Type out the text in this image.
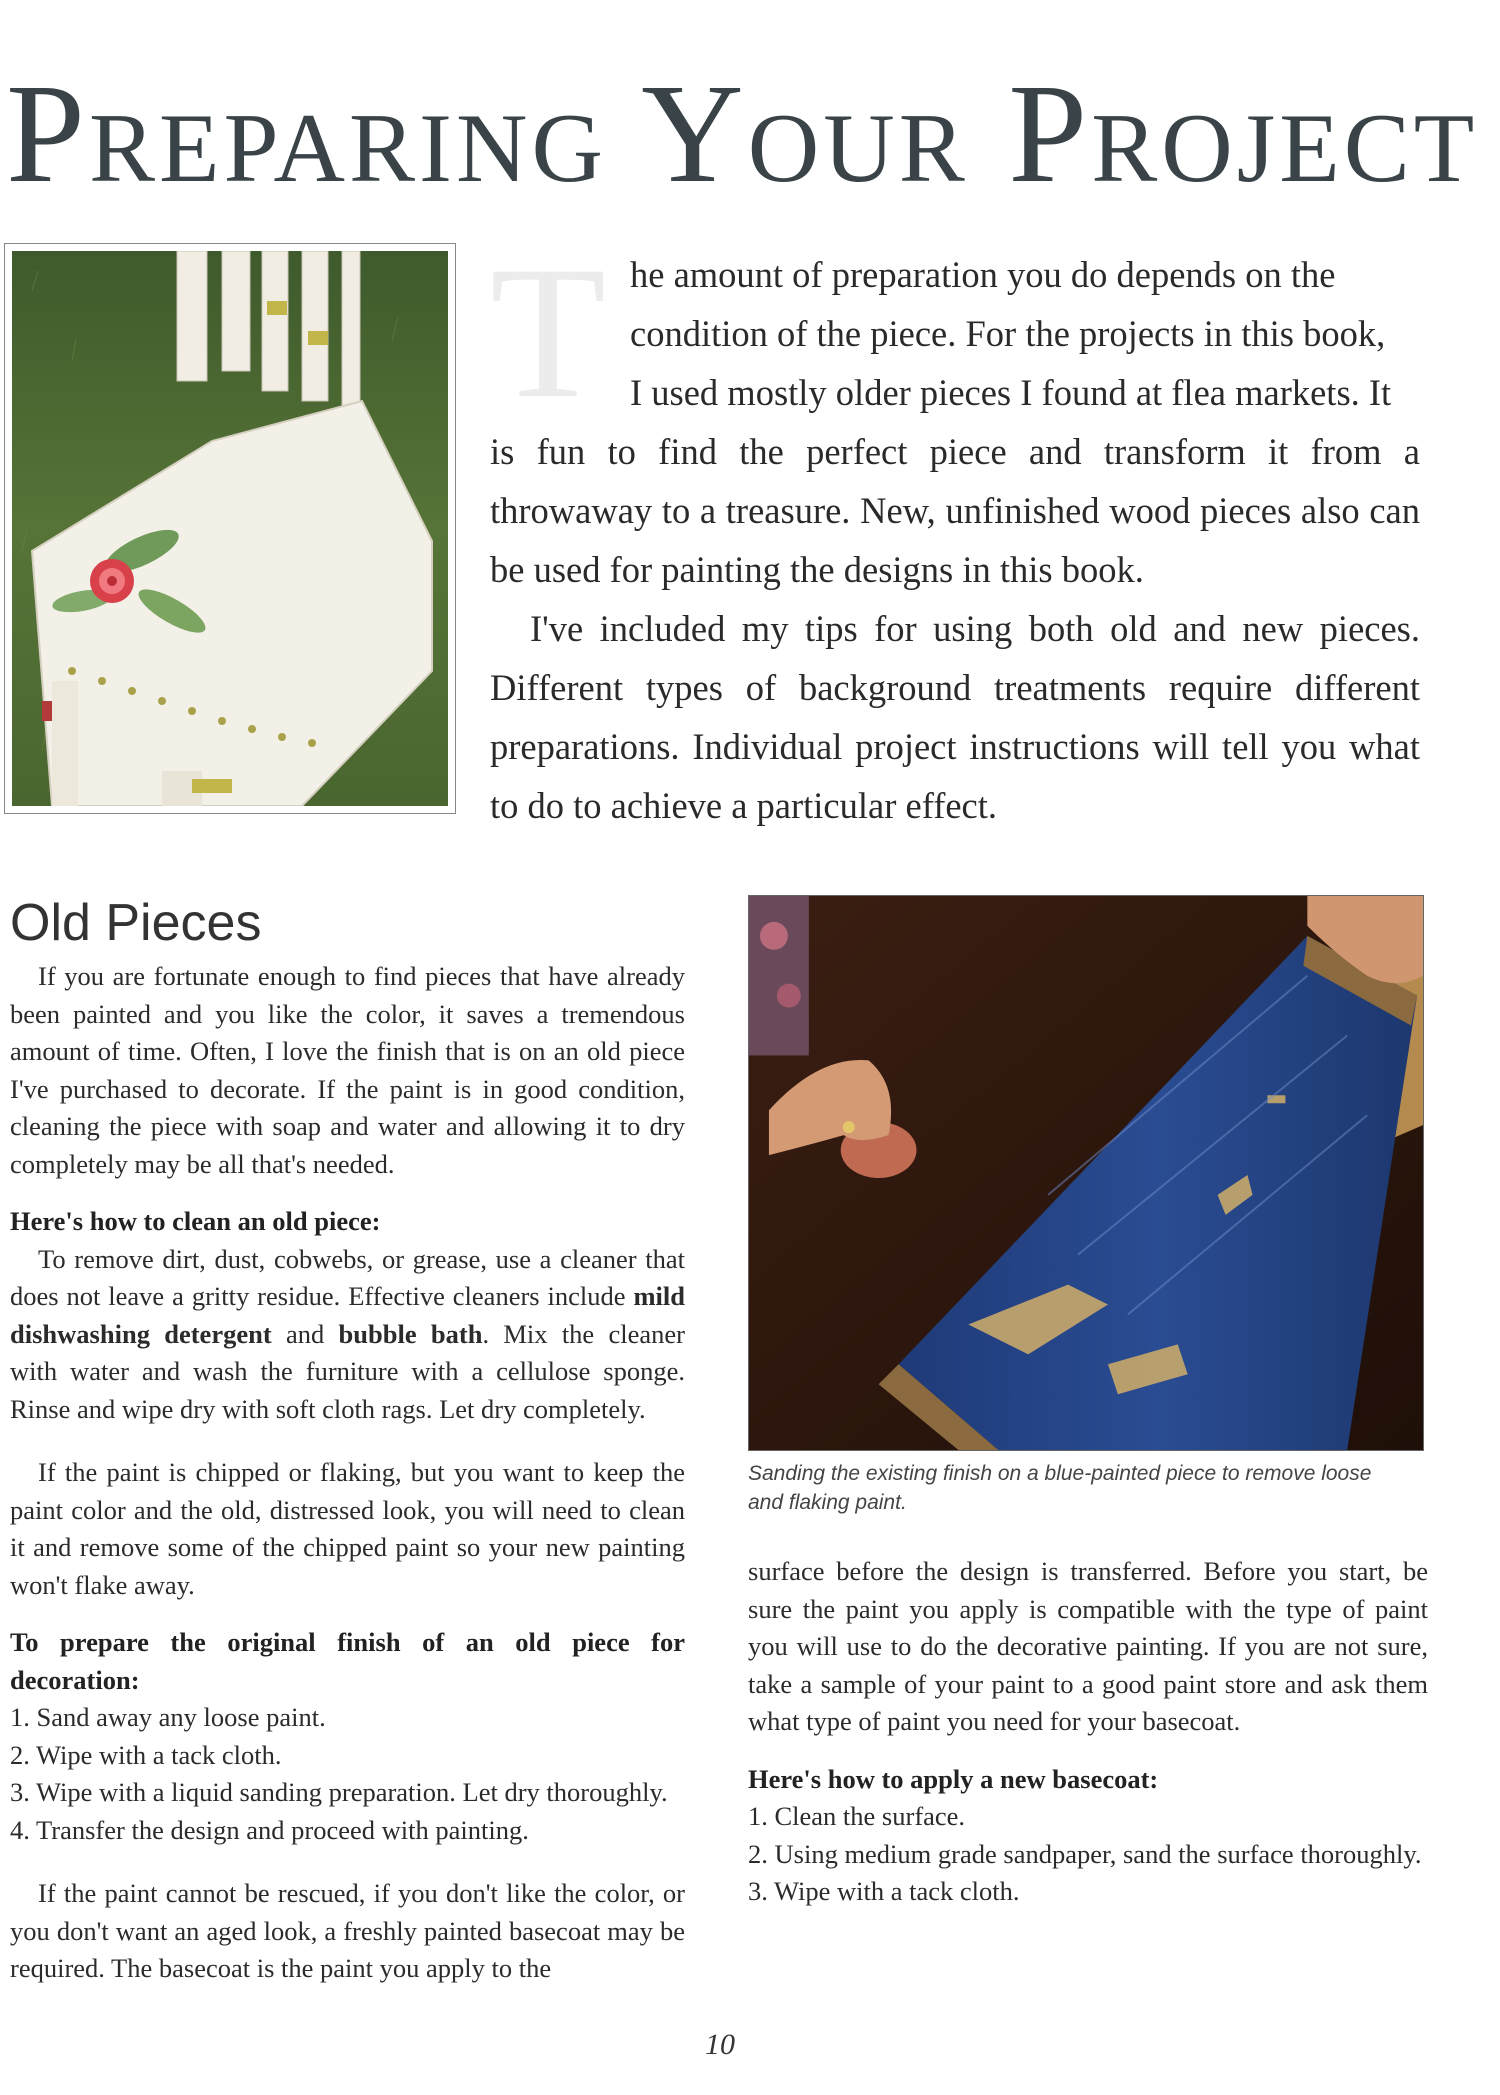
Preparing Your Project
T he amount of preparation you do depends on the
condition of the piece. For the projects in this book,
I used mostly older pieces I found at flea markets. It
is fun to find the perfect piece and transform it from a throwaway to a treasure. New, unfinished wood pieces also can be used for painting the designs in this book.

I've included my tips for using both old and new pieces. Different types of background treatments require different preparations. Individual project instructions will tell you what to do to achieve a particular effect.

Old Pieces

If you are fortunate enough to find pieces that have already been painted and you like the color, it saves a tremendous amount of time. Often, I love the finish that is on an old piece I've purchased to decorate. If the paint is in good condition, cleaning the piece with soap and water and allowing it to dry completely may be all that's needed.

Here's how to clean an old piece:

To remove dirt, dust, cobwebs, or grease, use a cleaner that does not leave a gritty residue. Effective cleaners include mild dishwashing detergent and bubble bath. Mix the cleaner with water and wash the furniture with a cellulose sponge. Rinse and wipe dry with soft cloth rags. Let dry completely.

If the paint is chipped or flaking, but you want to keep the paint color and the old, distressed look, you will need to clean it and remove some of the chipped paint so your new painting won't flake away.

To prepare the original finish of an old piece for decoration:
1. Sand away any loose paint.
2. Wipe with a tack cloth.
3. Wipe with a liquid sanding preparation. Let dry thoroughly.
4. Transfer the design and proceed with painting.

If the paint cannot be rescued, if you don't like the color, or you don't want an aged look, a freshly painted basecoat may be required. The basecoat is the paint you apply to the

Sanding the existing finish on a blue-painted piece to remove loose and flaking paint.

surface before the design is transferred. Before you start, be sure the paint you apply is compatible with the type of paint you will use to do the decorative painting. If you are not sure, take a sample of your paint to a good paint store and ask them what type of paint you need for your basecoat.

Here's how to apply a new basecoat:
1. Clean the surface.
2. Using medium grade sandpaper, sand the surface thoroughly.
3. Wipe with a tack cloth.
10
